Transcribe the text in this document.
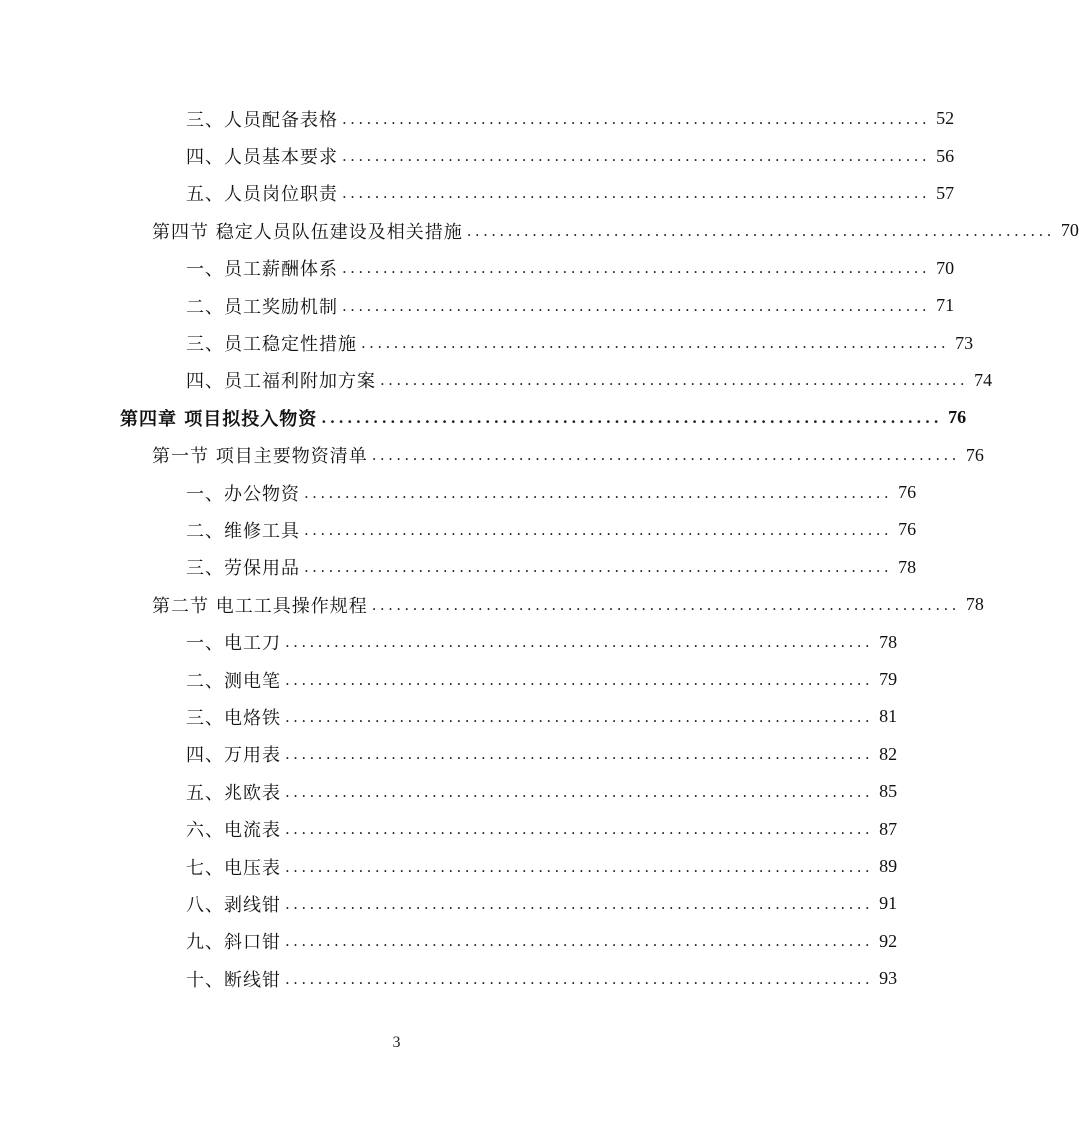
三、人员配备表格 ........................................................................ 52
四、人员基本要求 ........................................................................ 56
五、人员岗位职责 ........................................................................ 57
第四节 稳定人员队伍建设及相关措施 ........................................................................ 70
一、员工薪酬体系 ........................................................................ 70
二、员工奖励机制 ........................................................................ 71
三、员工稳定性措施 ........................................................................ 73
四、员工福利附加方案 ........................................................................ 74
第四章 项目拟投入物资 ........................................................................ 76
第一节 项目主要物资清单 ........................................................................ 76
一、办公物资 ........................................................................ 76
二、维修工具 ........................................................................ 76
三、劳保用品 ........................................................................ 78
第二节 电工工具操作规程 ........................................................................ 78
一、电工刀 ........................................................................ 78
二、测电笔 ........................................................................ 79
三、电烙铁 ........................................................................ 81
四、万用表 ........................................................................ 82
五、兆欧表 ........................................................................ 85
六、电流表 ........................................................................ 87
七、电压表 ........................................................................ 89
八、剥线钳 ........................................................................ 91
九、斜口钳 ........................................................................ 92
十、断线钳 ........................................................................ 93
3
